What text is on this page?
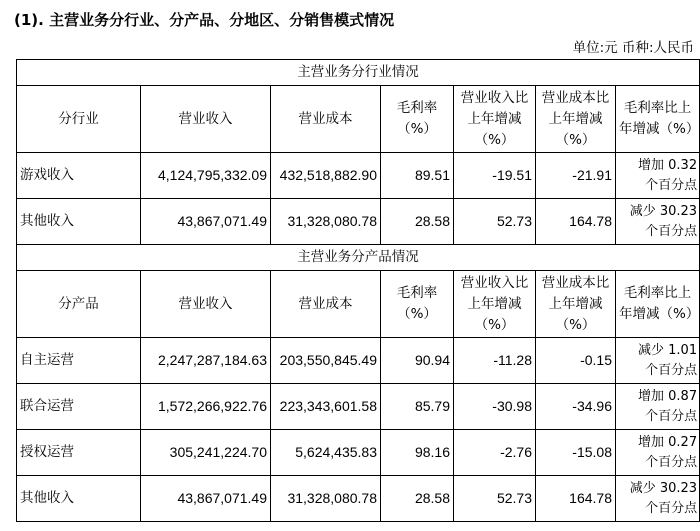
(1). 主营业务分行业、分产品、分地区、分销售模式情况
单位:元 币种:人民币
主营业务分行业情况						
分行业	营业收入	营业成本	毛利率（%）	营业收入比上年增减（%）	营业成本比上年增减（%）	毛利率比上年增减（%）
游戏收入	4,124,795,332.09	432,518,882.90	89.51	-19.51	-21.91	增加 0.32
个百分点

其他收入	43,867,071.49	31,328,080.78	28.58	52.73	164.78	减少 30.23
个百分点

主营业务分产品情况						
分产品	营业收入	营业成本	毛利率（%）	营业收入比上年增减（%）	营业成本比上年增减（%）	毛利率比上年增减（%）
自主运营	2,247,287,184.63	203,550,845.49	90.94	-11.28	-0.15	减少 1.01
个百分点

联合运营	1,572,266,922.76	223,343,601.58	85.79	-30.98	-34.96	增加 0.87
个百分点

授权运营	305,241,224.70	5,624,435.83	98.16	-2.76	-15.08	增加 0.27
个百分点

其他收入	43,867,071.49	31,328,080.78	28.58	52.73	164.78	减少 30.23
个百分点
